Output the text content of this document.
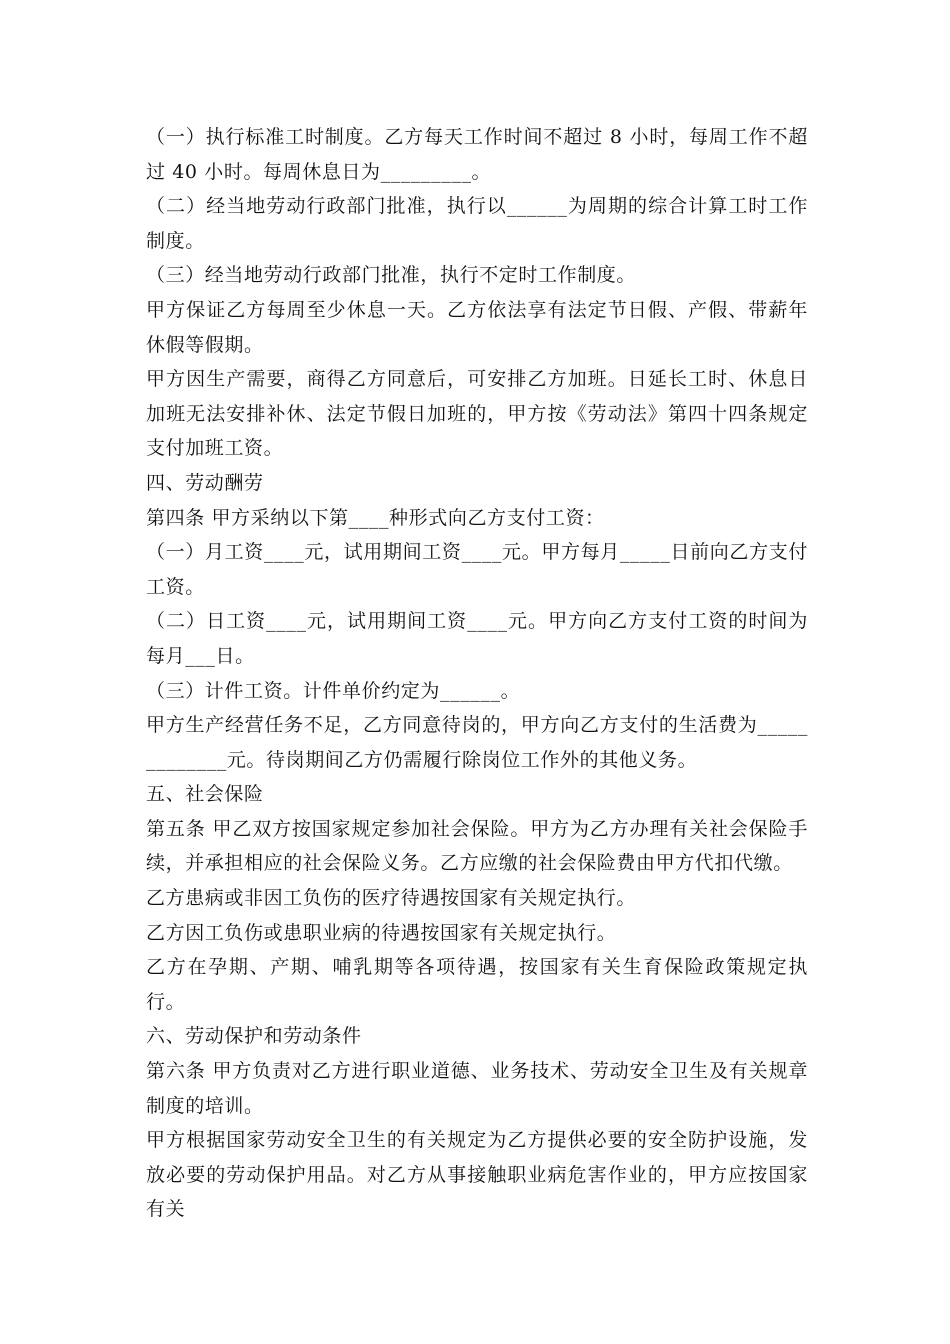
（一）执行标准工时制度。乙方每天工作时间不超过 8 小时，每周工作不超过 40 小时。每周休息日为_________。

（二）经当地劳动行政部门批准，执行以______为周期的综合计算工时工作制度。

（三）经当地劳动行政部门批准，执行不定时工作制度。

甲方保证乙方每周至少休息一天。乙方依法享有法定节日假、产假、带薪年休假等假期。

甲方因生产需要，商得乙方同意后，可安排乙方加班。日延长工时、休息日加班无法安排补休、法定节假日加班的，甲方按《劳动法》第四十四条规定支付加班工资。

四、劳动酬劳

第四条 甲方采纳以下第____种形式向乙方支付工资：

（一）月工资____元，试用期间工资____元。甲方每月_____日前向乙方支付工资。

（二）日工资____元，试用期间工资____元。甲方向乙方支付工资的时间为每月___日。

（三）计件工资。计件单价约定为______。

甲方生产经营任务不足，乙方同意待岗的，甲方向乙方支付的生活费为_____________元。待岗期间乙方仍需履行除岗位工作外的其他义务。

五、社会保险

第五条 甲乙双方按国家规定参加社会保险。甲方为乙方办理有关社会保险手续，并承担相应的社会保险义务。乙方应缴的社会保险费由甲方代扣代缴。

乙方患病或非因工负伤的医疗待遇按国家有关规定执行。

乙方因工负伤或患职业病的待遇按国家有关规定执行。

乙方在孕期、产期、哺乳期等各项待遇，按国家有关生育保险政策规定执行。

六、劳动保护和劳动条件

第六条 甲方负责对乙方进行职业道德、业务技术、劳动安全卫生及有关规章制度的培训。

甲方根据国家劳动安全卫生的有关规定为乙方提供必要的安全防护设施，发放必要的劳动保护用品。对乙方从事接触职业病危害作业的，甲方应按国家有关
